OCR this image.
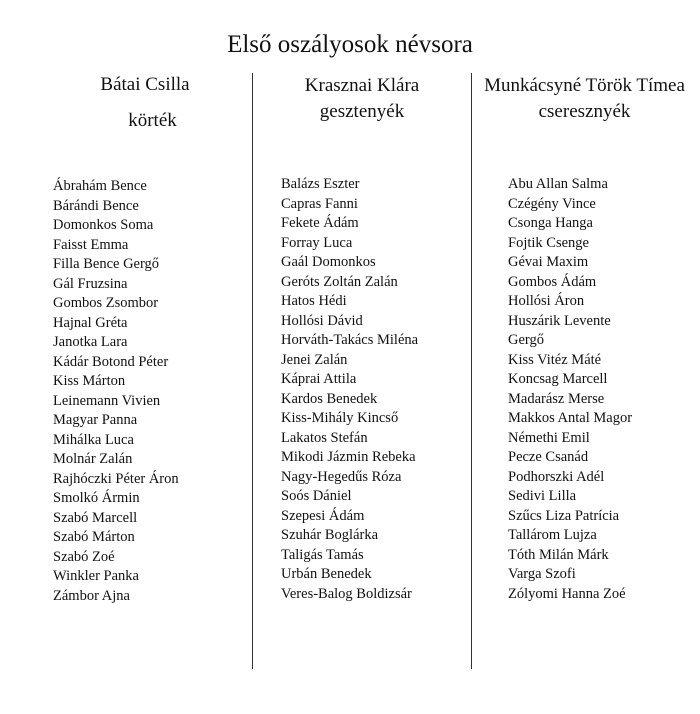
Első oszályosok névsora
Bátai Csilla
körték
Krasznai Klára
gesztenyék
Munkácsyné Török Tímea
cseresznyék
Ábrahám Bence
Bárándi Bence
Domonkos Soma
Faisst Emma
Filla Bence Gergő
Gál Fruzsina
Gombos Zsombor
Hajnal Gréta
Janotka Lara
Kádár Botond Péter
Kiss Márton
Leinemann Vivien
Magyar Panna
Mihálka Luca
Molnár Zalán
Rajhóczki Péter Áron
Smolkó Ármin
Szabó Marcell
Szabó Márton
Szabó Zoé
Winkler Panka
Zámbor Ajna
Balázs Eszter
Capras Fanni
Fekete Ádám
Forray Luca
Gaál Domonkos
Geróts Zoltán Zalán
Hatos Hédi
Hollósi Dávid
Horváth-Takács Miléna
Jenei Zalán
Káprai Attila
Kardos Benedek
Kiss-Mihály Kincső
Lakatos Stefán
Mikodi Jázmin Rebeka
Nagy-Hegedűs Róza
Soós Dániel
Szepesi Ádám
Szuhár Boglárka
Taligás Tamás
Urbán Benedek
Veres-Balog Boldizsár
Abu Allan Salma
Czégény Vince
Csonga Hanga
Fojtik Csenge
Gévai Maxim
Gombos Ádám
Hollósi Áron
Huszárik Levente
Gergő
Kiss Vitéz Máté
Koncsag Marcell
Madarász Merse
Makkos Antal Magor
Némethi Emil
Pecze Csanád
Podhorszki Adél
Sedivi Lilla
Szűcs Liza Patrícia
Tallárom Lujza
Tóth Milán Márk
Varga Szofi
Zólyomi Hanna Zoé
